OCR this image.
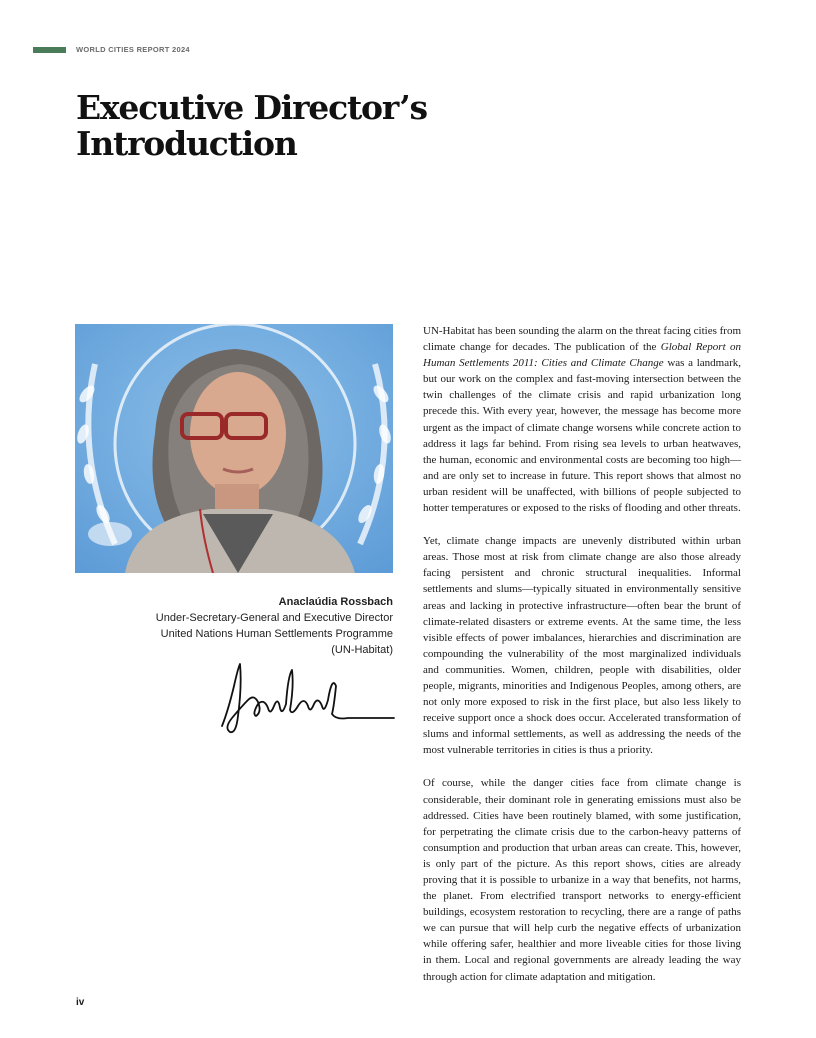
WORLD CITIES REPORT 2024
Executive Director’s
Introduction
Anaclaúdia Rossbach
Under-Secretary-General and Executive Director
United Nations Human Settlements Programme
(UN-Habitat)

UN-Habitat has been sounding the alarm on the threat facing cities from climate change for decades. The publication of the Global Report on Human Settlements 2011: Cities and Climate Change was a landmark, but our work on the complex and fast-moving intersection between the twin challenges of the climate crisis and rapid urbanization long precede this. With every year, however, the message has become more urgent as the impact of climate change worsens while concrete action to address it lags far behind. From rising sea levels to urban heatwaves, the human, economic and environmental costs are becoming too high—and are only set to increase in future. This report shows that almost no urban resident will be unaffected, with billions of people subjected to hotter temperatures or exposed to the risks of flooding and other threats.

Yet, climate change impacts are unevenly distributed within urban areas. Those most at risk from climate change are also those already facing persistent and chronic structural inequalities. Informal settlements and slums—typically situated in environmentally sensitive areas and lacking in protective infrastructure—often bear the brunt of climate-related disasters or extreme events. At the same time, the less visible effects of power imbalances, hierarchies and discrimination are compounding the vulnerability of the most marginalized individuals and communities. Women, children, people with disabilities, older people, migrants, minorities and Indigenous Peoples, among others, are not only more exposed to risk in the first place, but also less likely to receive support once a shock does occur. Accelerated transformation of slums and informal settlements, as well as addressing the needs of the most vulnerable territories in cities is thus a priority.

Of course, while the danger cities face from climate change is considerable, their dominant role in generating emissions must also be addressed. Cities have been routinely blamed, with some justification, for perpetrating the climate crisis due to the carbon-heavy patterns of consumption and production that urban areas can create. This, however, is only part of the picture. As this report shows, cities are already proving that it is possible to urbanize in a way that benefits, not harms, the planet. From electrified transport networks to energy-efficient buildings, ecosystem restoration to recycling, there are a range of paths we can pursue that will help curb the negative effects of urbanization while offering safer, healthier and more liveable cities for those living in them. Local and regional governments are already leading the way through action for climate adaptation and mitigation.

iv
